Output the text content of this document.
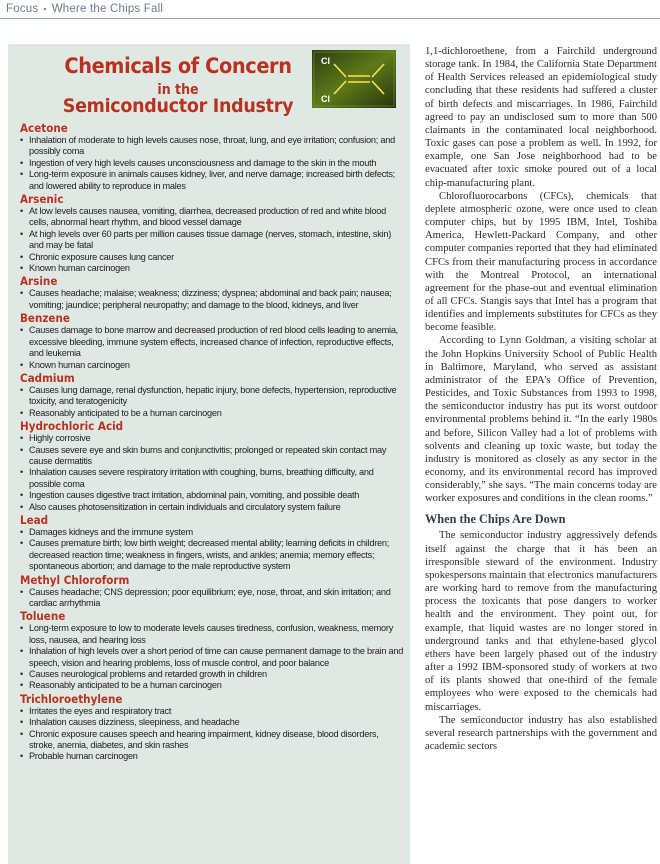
Focus ▪ Where the Chips Fall
Chemicals of Concern
in the
Semiconductor Industry
Cl
Cl
Acetone
• Inhalation of moderate to high levels causes nose, throat, lung, and eye irritation; confusion; and possibly coma
• Ingestion of very high levels causes unconsciousness and damage to the skin in the mouth
• Long-term exposure in animals causes kidney, liver, and nerve damage; increased birth defects; and lowered ability to reproduce in males
Arsenic
• At low levels causes nausea, vomiting, diarrhea, decreased production of red and white blood cells, abnormal heart rhythm, and blood vessel damage
• At high levels over 60 parts per million causes tissue damage (nerves, stomach, intestine, skin) and may be fatal
• Chronic exposure causes lung cancer
• Known human carcinogen
Arsine
• Causes headache; malaise; weakness; dizziness; dyspnea; abdominal and back pain; nausea; vomiting; jaundice; peripheral neuropathy; and damage to the blood, kidneys, and liver
Benzene
• Causes damage to bone marrow and decreased production of red blood cells leading to anemia, excessive bleeding, immune system effects, increased chance of infection, reproductive effects, and leukemia
• Known human carcinogen
Cadmium
• Causes lung damage, renal dysfunction, hepatic injury, bone defects, hypertension, reproductive toxicity, and teratogenicity
• Reasonably anticipated to be a human carcinogen
Hydrochloric Acid
• Highly corrosive
• Causes severe eye and skin burns and conjunctivitis; prolonged or repeated skin contact may cause dermatitis
• Inhalation causes severe respiratory irritation with coughing, burns, breathing difficulty, and possible coma
• Ingestion causes digestive tract irritation, abdominal pain, vomiting, and possible death
• Also causes photosensitization in certain individuals and circulatory system failure
Lead
• Damages kidneys and the immune system
• Causes premature birth; low birth weight; decreased mental ability; learning deficits in children; decreased reaction time; weakness in fingers, wrists, and ankles; anemia; memory effects; spontaneous abortion; and damage to the male reproductive system
Methyl Chloroform
• Causes headache; CNS depression; poor equilibrium; eye, nose, throat, and skin irritation; and cardiac arrhythmia
Toluene
• Long-term exposure to low to moderate levels causes tiredness, confusion, weakness, memory loss, nausea, and hearing loss
• Inhalation of high levels over a short period of time can cause permanent damage to the brain and speech, vision and hearing problems, loss of muscle control, and poor balance
• Causes neurological problems and retarded growth in children
• Reasonably anticipated to be a human carcinogen
Trichloroethylene
• Irritates the eyes and respiratory tract
• Inhalation causes dizziness, sleepiness, and headache
• Chronic exposure causes speech and hearing impairment, kidney disease, blood disorders, stroke, anemia, diabetes, and skin rashes
• Probable human carcinogen

1,1-dichloroethene, from a Fairchild underground storage tank. In 1984, the California State Department of Health Services released an epidemiological study concluding that these residents had suffered a cluster of birth defects and miscarriages. In 1986, Fairchild agreed to pay an undisclosed sum to more than 500 claimants in the contaminated local neighborhood. Toxic gases can pose a problem as well. In 1992, for example, one San Jose neighborhood had to be evacuated after toxic smoke poured out of a local chip-manufacturing plant.

Chlorofluorocarbons (CFCs), chemicals that deplete atmospheric ozone, were once used to clean computer chips, but by 1995 IBM, Intel, Toshiba America, Hewlett-Packard Company, and other computer companies reported that they had eliminated CFCs from their manufacturing process in accordance with the Montreal Protocol, an international agreement for the phase-out and eventual elimination of all CFCs. Stangis says that Intel has a program that identifies and implements substitutes for CFCs as they become feasible.

According to Lynn Goldman, a visiting scholar at the John Hopkins University School of Public Health in Baltimore, Maryland, who served as assistant administrator of the EPA's Office of Prevention, Pesticides, and Toxic Substances from 1993 to 1998, the semiconductor industry has put its worst outdoor environmental problems behind it. “In the early 1980s and before, Silicon Valley had a lot of problems with solvents and cleaning up toxic waste, but today the industry is monitored as closely as any sector in the economy, and its environmental record has improved considerably,” she says. “The main concerns today are worker exposures and conditions in the clean rooms.”

When the Chips Are Down

The semiconductor industry aggressively defends itself against the charge that it has been an irresponsible steward of the environment. Industry spokespersons maintain that electronics manufacturers are working hard to remove from the manufacturing process the toxicants that pose dangers to worker health and the environment. They point out, for example, that liquid wastes are no longer stored in underground tanks and that ethylene-based glycol ethers have been largely phased out of the industry after a 1992 IBM-sponsored study of workers at two of its plants showed that one-third of the female employees who were exposed to the chemicals had miscarriages.

The semiconductor industry has also established several research partnerships with the government and academic sectors
